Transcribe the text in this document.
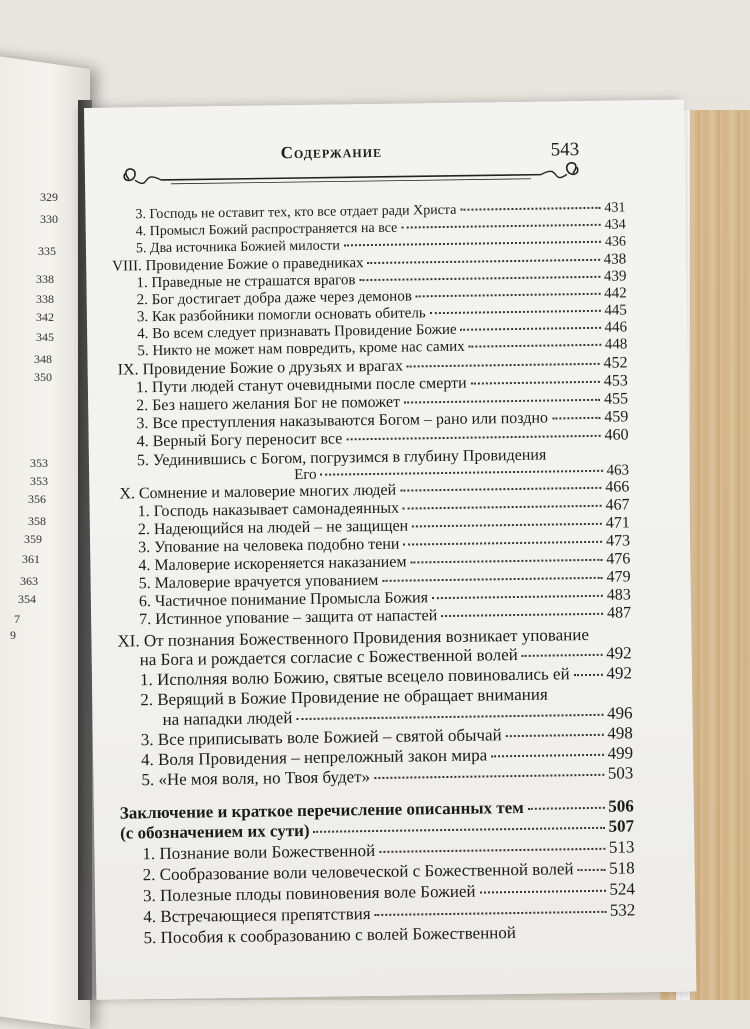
329
330
335
338
338
342
345
348
350
353
353
356
358
359
361
363
354
7
9
Содержание	543
3. Господь не оставит тех, кто все отдает ради Христа	431
4. Промысл Божий распространяется на все	434
5. Два источника Божией милости	436
VIII. Провидение Божие о праведниках	438
1. Праведные не страшатся врагов	439
2. Бог достигает добра даже через демонов	442
3. Как разбойники помогли основать обитель	445
4. Во всем следует признавать Провидение Божие	446
5. Никто не может нам повредить, кроме нас самих	448
IX. Провидение Божие о друзьях и врагах	452
1. Пути людей станут очевидными после смерти	453
2. Без нашего желания Бог не поможет	455
3. Все преступления наказываются Богом – рано или поздно	459
4. Верный Богу переносит все	460
5. Уединившись с Богом, погрузимся в глубину Провидения
Его	463
X. Сомнение и маловерие многих людей	466
1. Господь наказывает самонадеянных	467
2. Надеющийся на людей – не защищен	471
3. Упование на человека подобно тени	473
4. Маловерие искореняется наказанием	476
5. Маловерие врачуется упованием	479
6. Частичное понимание Промысла Божия	483
7. Истинное упование – защита от напастей	487
XI. От познания Божественного Провидения возникает упование
на Бога и рождается согласие с Божественной волей	492
1. Исполняя волю Божию, святые всецело повиновались ей 492
2. Верящий в Божие Провидение не обращает внимания
на нападки людей	496
3. Все приписывать воле Божией – святой обычай	498
4. Воля Провидения – непреложный закон мира	499
5. «Не моя воля, но Твоя будет»	503
Заключение и краткое перечисление описанных тем	506
(с обозначением их сути)	507
1. Познание воли Божественной	513
2. Сообразование воли человеческой с Божественной волей 518
3. Полезные плоды повиновения воле Божией	524
4. Встречающиеся препятствия	532
5. Пособия к сообразованию с волей Божественной
